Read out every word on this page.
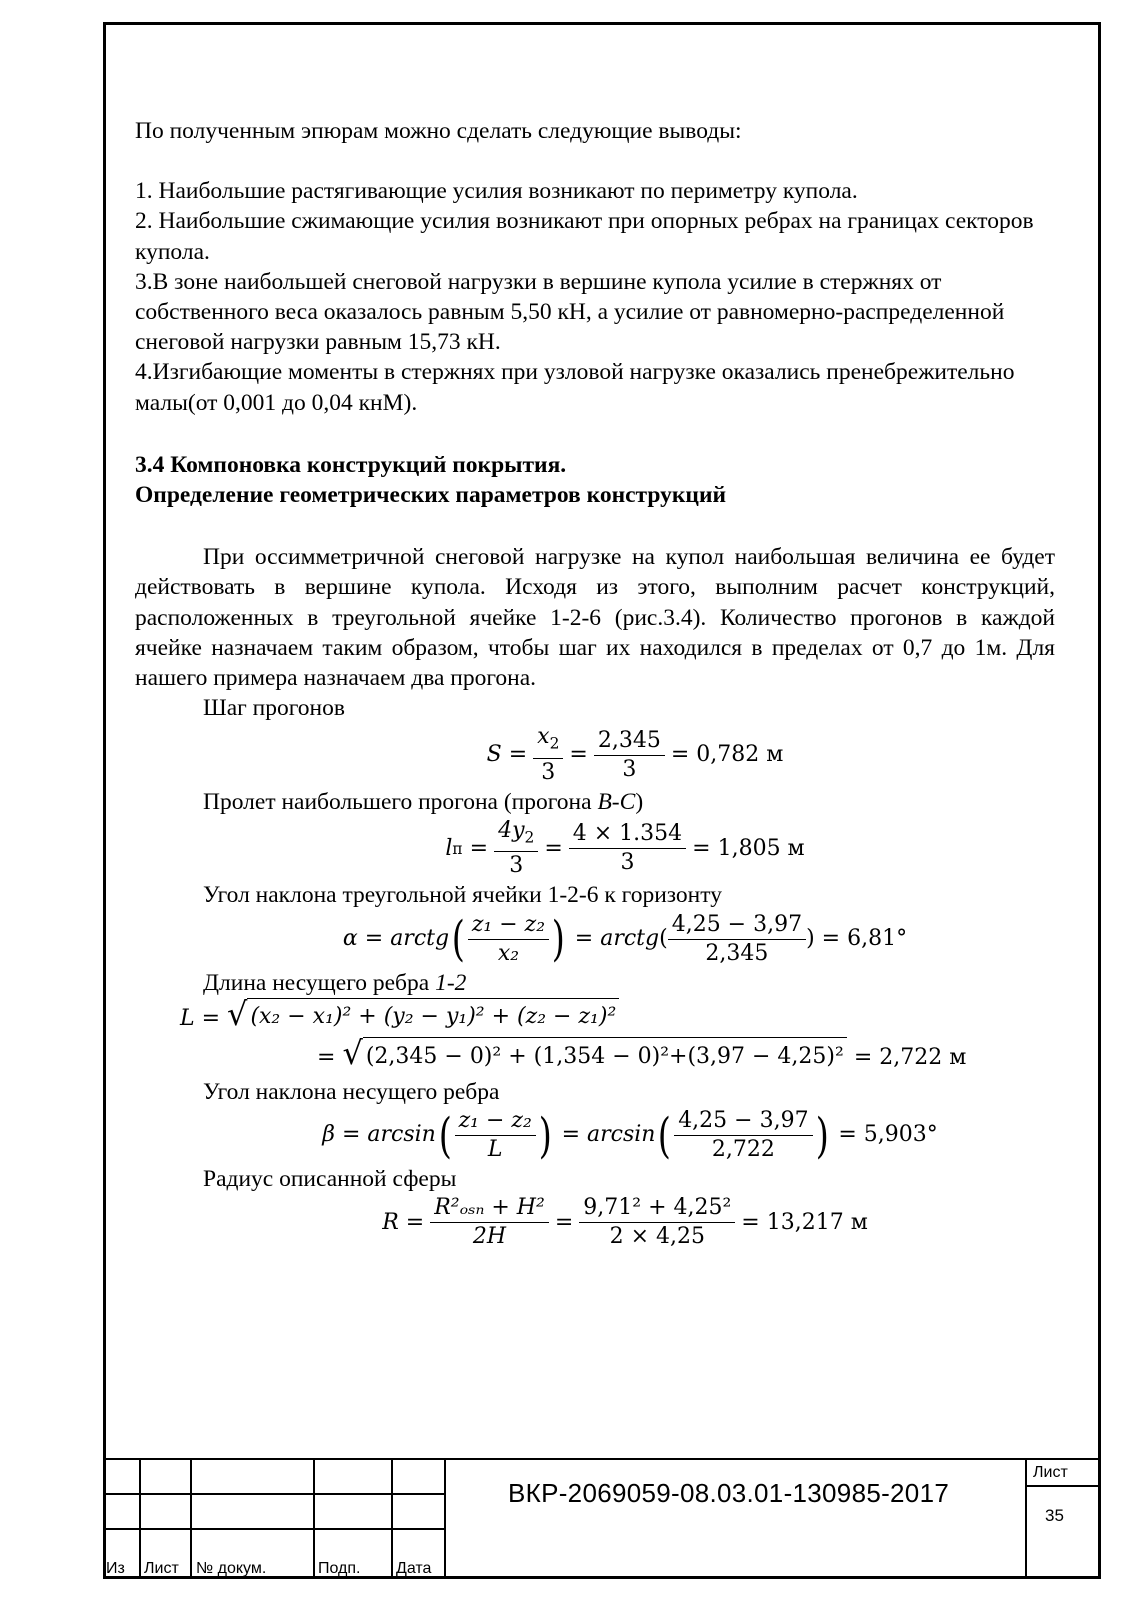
По полученным эпюрам можно сделать следующие выводы:

1. Наибольшие растягивающие усилия возникают по периметру купола.

2. Наибольшие сжимающие усилия возникают при опорных ребрах на границах секторов купола.

3.В зоне наибольшей снеговой нагрузки в вершине купола усилие в стержнях от собственного веса оказалось равным 5,50 кН, а усилие от равномерно-распределенной снеговой нагрузки равным 15,73 кН.

4.Изгибающие моменты в стержнях при узловой нагрузке оказались пренебрежительно малы(от 0,001 до 0,04 кнМ).

3.4 Компоновка конструкций покрытия.

Определение геометрических параметров конструкций

При оссимметричной снеговой нагрузке на купол наибольшая величина ее будет действовать в вершине купола. Исходя из этого, выполним расчет конструкций, расположенных в треугольной ячейке 1-2-6 (рис.3.4). Количество прогонов в каждой ячейке назначаем таким образом, чтобы шаг их находился в пределах от 0,7 до 1м. Для нашего примера назначаем два прогона.

Шаг прогонов

$S = \frac{x_2}{3} = \frac{2,345}{3} = 0,782$ м

Пролет наибольшего прогона (прогона B-C)

l $п = \frac{4y_2}{3} = \frac{4 \times 1.354}{3} = 1,805$ м

Угол наклона треугольной ячейки 1-2-6 к горизонту

α = arctg ( $\frac{\text{z₁ − z₂}}{\text{x₂}}$ ) = arctg ( $\frac{4,25 - 3,97}{2,345}$ ) = 6,81°

Длина несущего ребра 1-2

L = √ (x₂ − x₁)² + (y₂ − y₁)² + (z₂ − z₁)²
= √ (2,345 − 0)² + (1,354 − 0)²+(3,97 − 4,25)² = 2,722 м

Угол наклона несущего ребра

β = arcsin ( $\frac{\text{z₁ − z₂}}{L}$ ) = arcsin ( $\frac{4,25 - 3,97}{2,722}$ )
= 5,903°

Радиус описанной сферы

$R = \frac{\text{R²ₒₛₙ + H²}}{2H} = \frac{\text{9,71² + 4,25²}}{2 \times 4,25} = 13,217$ м
Из Лист № докум.	Подп. Дата
ВКР-2069059-08.03.01-130985-2017
Лист
35
